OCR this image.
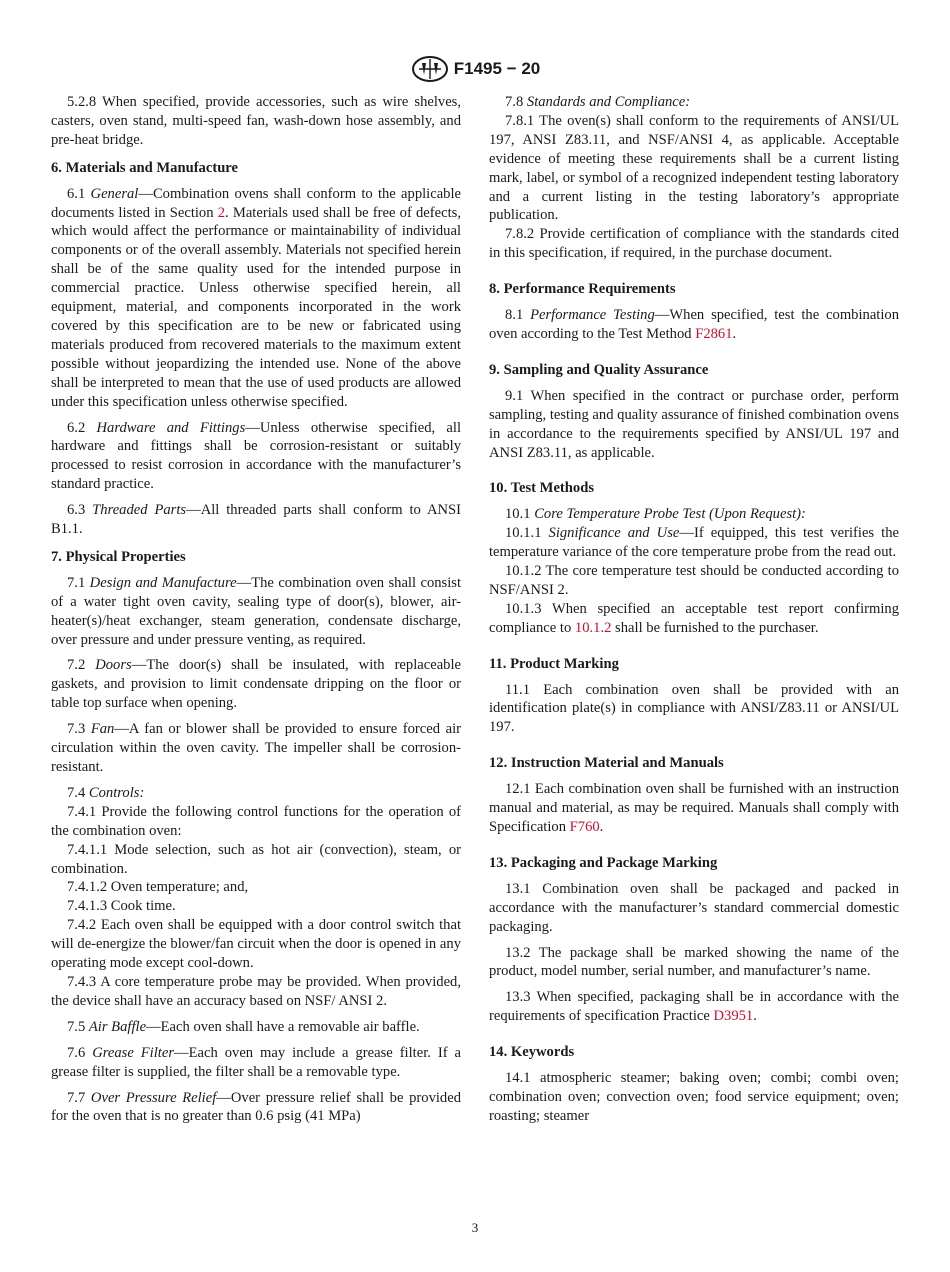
F1495 − 20

5.2.8 When specified, provide accessories, such as wire shelves, casters, oven stand, multi-speed fan, wash-down hose assembly, and pre-heat bridge.

6. Materials and Manufacture

6.1 General—Combination ovens shall conform to the applicable documents listed in Section 2. Materials used shall be free of defects, which would affect the performance or maintainability of individual components or of the overall assembly. Materials not specified herein shall be of the same quality used for the intended purpose in commercial practice. Unless otherwise specified herein, all equipment, material, and components incorporated in the work covered by this specification are to be new or fabricated using materials produced from recovered materials to the maximum extent possible without jeopardizing the intended use. None of the above shall be interpreted to mean that the use of used products are allowed under this specification unless otherwise specified.

6.2 Hardware and Fittings—Unless otherwise specified, all hardware and fittings shall be corrosion-resistant or suitably processed to resist corrosion in accordance with the manufacturer’s standard practice.

6.3 Threaded Parts—All threaded parts shall conform to ANSI B1.1.

7. Physical Properties

7.1 Design and Manufacture—The combination oven shall consist of a water tight oven cavity, sealing type of door(s), blower, air-heater(s)/heat exchanger, steam generation, condensate discharge, over pressure and under pressure venting, as required.

7.2 Doors—The door(s) shall be insulated, with replaceable gaskets, and provision to limit condensate dripping on the floor or table top surface when opening.

7.3 Fan—A fan or blower shall be provided to ensure forced air circulation within the oven cavity. The impeller shall be corrosion-resistant.

7.4 Controls:

7.4.1 Provide the following control functions for the operation of the combination oven:

7.4.1.1 Mode selection, such as hot air (convection), steam, or combination.

7.4.1.2 Oven temperature; and,

7.4.1.3 Cook time.

7.4.2 Each oven shall be equipped with a door control switch that will de-energize the blower/fan circuit when the door is opened in any operating mode except cool-down.

7.4.3 A core temperature probe may be provided. When provided, the device shall have an accuracy based on NSF/ ANSI 2.

7.5 Air Baffle—Each oven shall have a removable air baffle.

7.6 Grease Filter—Each oven may include a grease filter. If a grease filter is supplied, the filter shall be a removable type.

7.7 Over Pressure Relief—Over pressure relief shall be provided for the oven that is no greater than 0.6 psig (41 MPa)

7.8 Standards and Compliance:

7.8.1 The oven(s) shall conform to the requirements of ANSI/UL 197, ANSI Z83.11, and NSF/ANSI 4, as applicable. Acceptable evidence of meeting these requirements shall be a current listing mark, label, or symbol of a recognized independent testing laboratory and a current listing in the testing laboratory’s appropriate publication.

7.8.2 Provide certification of compliance with the standards cited in this specification, if required, in the purchase document.

8. Performance Requirements

8.1 Performance Testing—When specified, test the combination oven according to the Test Method F2861.

9. Sampling and Quality Assurance

9.1 When specified in the contract or purchase order, perform sampling, testing and quality assurance of finished combination ovens in accordance to the requirements specified by ANSI/UL 197 and ANSI Z83.11, as applicable.

10. Test Methods

10.1 Core Temperature Probe Test (Upon Request):

10.1.1 Significance and Use—If equipped, this test verifies the temperature variance of the core temperature probe from the read out.

10.1.2 The core temperature test should be conducted according to NSF/ANSI 2.

10.1.3 When specified an acceptable test report confirming compliance to 10.1.2 shall be furnished to the purchaser.

11. Product Marking

11.1 Each combination oven shall be provided with an identification plate(s) in compliance with ANSI/Z83.11 or ANSI/UL 197.

12. Instruction Material and Manuals

12.1 Each combination oven shall be furnished with an instruction manual and material, as may be required. Manuals shall comply with Specification F760.

13. Packaging and Package Marking

13.1 Combination oven shall be packaged and packed in accordance with the manufacturer’s standard commercial domestic packaging.

13.2 The package shall be marked showing the name of the product, model number, serial number, and manufacturer’s name.

13.3 When specified, packaging shall be in accordance with the requirements of specification Practice D3951.

14. Keywords

14.1 atmospheric steamer; baking oven; combi; combi oven; combination oven; convection oven; food service equipment; oven; roasting; steamer

3
